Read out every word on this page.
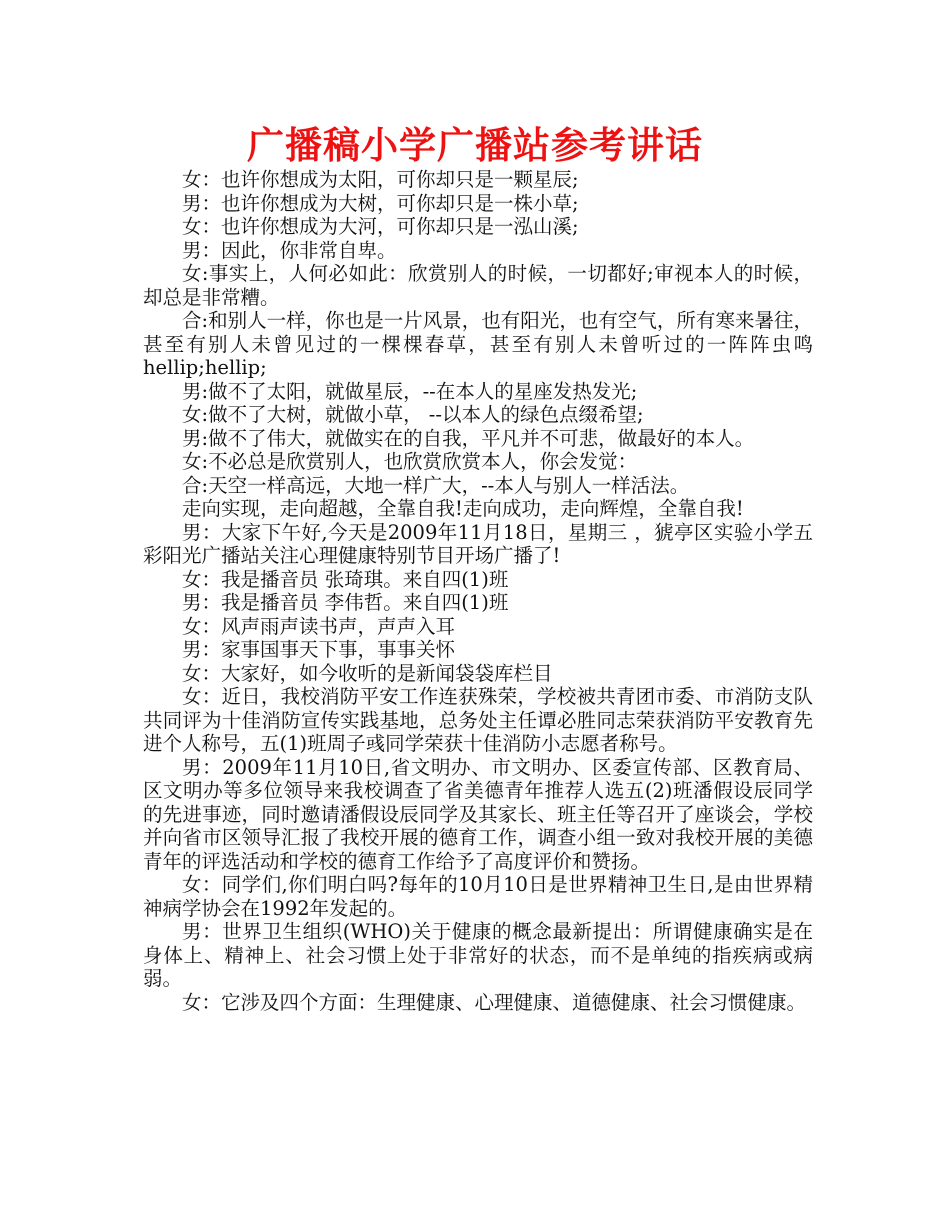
广播稿小学广播站参考讲话

女：也许你想成为太阳，可你却只是一颗星辰;

男：也许你想成为大树，可你却只是一株小草;

女：也许你想成为大河，可你却只是一泓山溪;

男：因此，你非常自卑。

女:事实上，人何必如此：欣赏别人的时候，一切都好;审视本人的时候，却总是非常糟。

合:和别人一样，你也是一片风景，也有阳光，也有空气，所有寒来暑往，甚至有别人未曾见过的一棵棵春草，甚至有别人未曾听过的一阵阵虫鸣hellip;hellip;

男:做不了太阳，就做星辰，--在本人的星座发热发光;

女:做不了大树，就做小草， --以本人的绿色点缀希望;

男:做不了伟大，就做实在的自我，平凡并不可悲，做最好的本人。

女:不必总是欣赏别人，也欣赏欣赏本人，你会发觉：

合:天空一样高远，大地一样广大，--本人与别人一样活法。

走向实现，走向超越，全靠自我!走向成功，走向辉煌，全靠自我!

男：大家下午好,今天是2009年11月18日，星期三 ，猇亭区实验小学五彩阳光广播站关注心理健康特别节目开场广播了!

女：我是播音员 张琦琪。来自四(1)班

男：我是播音员 李伟哲。来自四(1)班

女：风声雨声读书声，声声入耳

男：家事国事天下事，事事关怀

女：大家好，如今收听的是新闻袋袋库栏目

女：近日，我校消防平安工作连获殊荣，学校被共青团市委、市消防支队共同评为十佳消防宣传实践基地，总务处主任谭必胜同志荣获消防平安教育先进个人称号，五(1)班周子彧同学荣获十佳消防小志愿者称号。

男：2009年11月10日,省文明办、市文明办、区委宣传部、区教育局、区文明办等多位领导来我校调查了省美德青年推荐人选五(2)班潘假设辰同学的先进事迹，同时邀请潘假设辰同学及其家长、班主任等召开了座谈会，学校并向省市区领导汇报了我校开展的德育工作，调查小组一致对我校开展的美德青年的评选活动和学校的德育工作给予了高度评价和赞扬。

女：同学们,你们明白吗?每年的10月10日是世界精神卫生日,是由世界精神病学协会在1992年发起的。

男：世界卫生组织(WHO)关于健康的概念最新提出：所谓健康确实是在身体上、精神上、社会习惯上处于非常好的状态，而不是单纯的指疾病或病弱。

女：它涉及四个方面：生理健康、心理健康、道德健康、社会习惯健康。
